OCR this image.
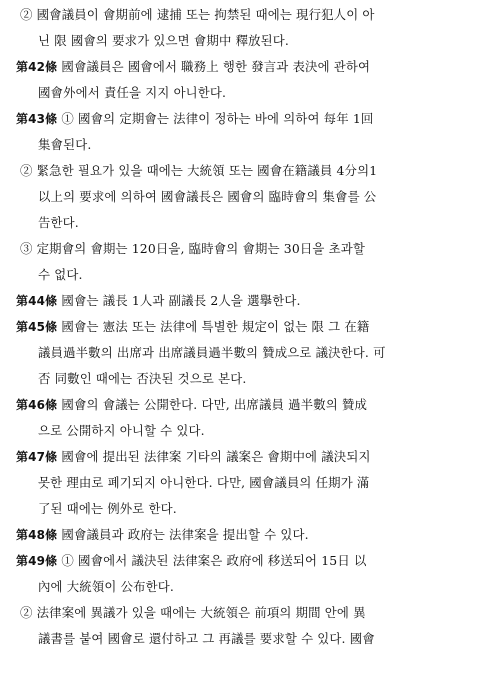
② 國會議員이 會期前에 逮捕 또는 拘禁된 때에는 現行犯人이 아
닌 限 國會의 要求가 있으면 會期中 釋放된다.
第42條 國會議員은 國會에서 職務上 행한 發言과 表決에 관하여
國會外에서 責任을 지지 아니한다.
第43條 ① 國會의 定期會는 法律이 정하는 바에 의하여 每年 1回
集會된다.
② 緊急한 필요가 있을 때에는 大統領 또는 國會在籍議員 4分의1
以上의 要求에 의하여 國會議長은 國會의 臨時會의 集會를 公
告한다.
③ 定期會의 會期는 120日을, 臨時會의 會期는 30日을 초과할
수 없다.
第44條 國會는 議長 1人과 副議長 2人을 選擧한다.
第45條 國會는 憲法 또는 法律에 특별한 規定이 없는 限 그 在籍
議員過半數의 出席과 出席議員過半數의 贊成으로 議決한다. 可
否 同數인 때에는 否決된 것으로 본다.
第46條 國會의 會議는 公開한다. 다만, 出席議員 過半數의 贊成
으로 公開하지 아니할 수 있다.
第47條 國會에 提出된 法律案 기타의 議案은 會期中에 議決되지
못한 理由로 폐기되지 아니한다. 다만, 國會議員의 任期가 滿
了된 때에는 例外로 한다.
第48條 國會議員과 政府는 法律案을 提出할 수 있다.
第49條 ① 國會에서 議決된 法律案은 政府에 移送되어 15日 以
內에 大統領이 公布한다.
② 法律案에 異議가 있을 때에는 大統領은 前項의 期間 안에 異
議書를 붙여 國會로 還付하고 그 再議를 要求할 수 있다. 國會
